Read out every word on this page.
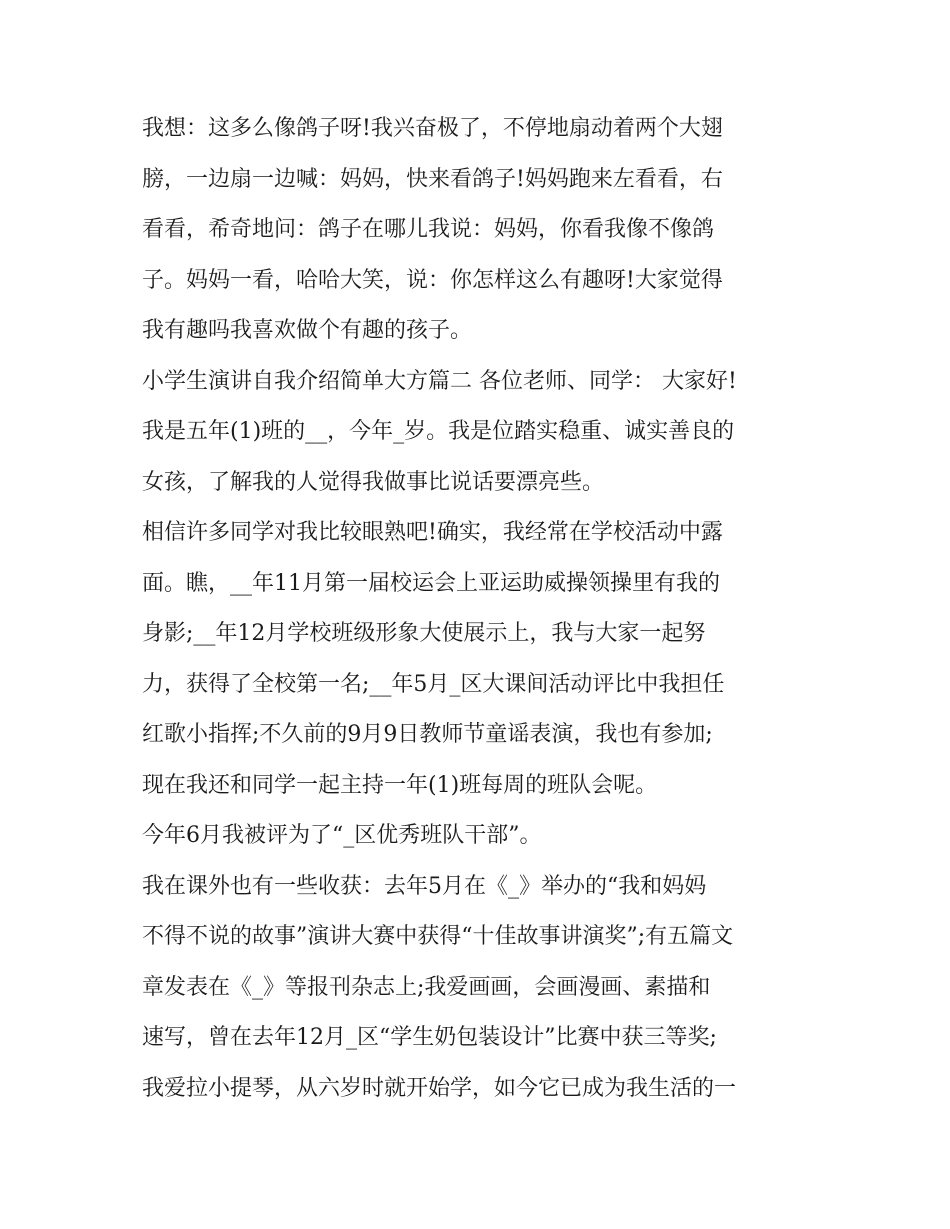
我想：这多么像鸽子呀!我兴奋极了，不停地扇动着两个大翅
膀，一边扇一边喊：妈妈，快来看鸽子!妈妈跑来左看看，右
看看，希奇地问：鸽子在哪儿我说：妈妈，你看我像不像鸽
子。妈妈一看，哈哈大笑，说：你怎样这么有趣呀!大家觉得
我有趣吗我喜欢做个有趣的孩子。
小学生演讲自我介绍简单大方篇二 各位老师、同学： 大家好!
我是五年(1)班的__，今年_岁。我是位踏实稳重、诚实善良的
女孩，了解我的人觉得我做事比说话要漂亮些。
相信许多同学对我比较眼熟吧!确实，我经常在学校活动中露
面。瞧，__年11月第一届校运会上亚运助威操领操里有我的
身影;__年12月学校班级形象大使展示上，我与大家一起努
力，获得了全校第一名;__年5月_区大课间活动评比中我担任
红歌小指挥;不久前的9月9日教师节童谣表演，我也有参加;
现在我还和同学一起主持一年(1)班每周的班队会呢。
今年6月我被评为了“_区优秀班队干部”。
我在课外也有一些收获：去年5月在《_》举办的“我和妈妈
不得不说的故事”演讲大赛中获得“十佳故事讲演奖”;有五篇文
章发表在《_》等报刊杂志上;我爱画画，会画漫画、素描和
速写，曾在去年12月_区“学生奶包装设计”比赛中获三等奖;
我爱拉小提琴，从六岁时就开始学，如今它已成为我生活的一
